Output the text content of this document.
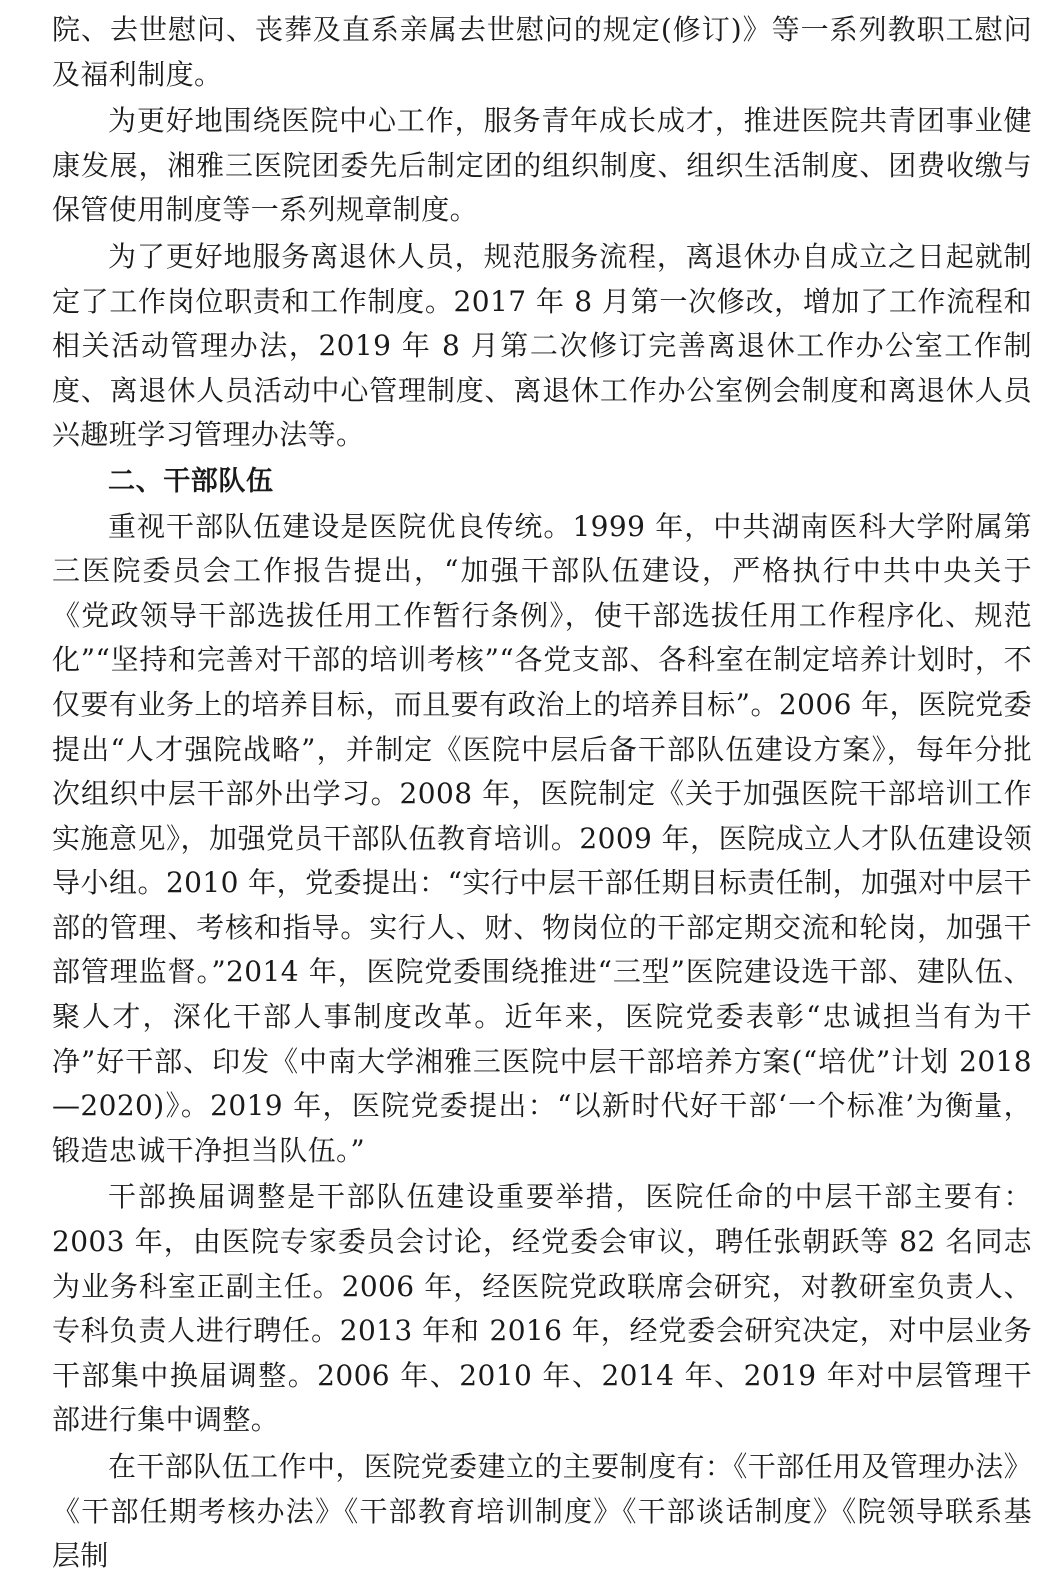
院、去世慰问、丧葬及直系亲属去世慰问的规定(修订)》等一系列教职工慰问及福利制度。

为更好地围绕医院中心工作，服务青年成长成才，推进医院共青团事业健康发展，湘雅三医院团委先后制定团的组织制度、组织生活制度、团费收缴与保管使用制度等一系列规章制度。

为了更好地服务离退休人员，规范服务流程，离退休办自成立之日起就制定了工作岗位职责和工作制度。2017 年 8 月第一次修改，增加了工作流程和相关活动管理办法，2019 年 8 月第二次修订完善离退休工作办公室工作制度、离退休人员活动中心管理制度、离退休工作办公室例会制度和离退休人员兴趣班学习管理办法等。

二、干部队伍

重视干部队伍建设是医院优良传统。1999 年，中共湖南医科大学附属第三医院委员会工作报告提出，“加强干部队伍建设，严格执行中共中央关于《党政领导干部选拔任用工作暂行条例》，使干部选拔任用工作程序化、规范化”“坚持和完善对干部的培训考核”“各党支部、各科室在制定培养计划时，不仅要有业务上的培养目标，而且要有政治上的培养目标”。2006 年，医院党委提出“人才强院战略”，并制定《医院中层后备干部队伍建设方案》，每年分批次组织中层干部外出学习。2008 年，医院制定《关于加强医院干部培训工作实施意见》，加强党员干部队伍教育培训。2009 年，医院成立人才队伍建设领导小组。2010 年，党委提出：“实行中层干部任期目标责任制，加强对中层干部的管理、考核和指导。实行人、财、物岗位的干部定期交流和轮岗，加强干部管理监督。”2014 年，医院党委围绕推进“三型”医院建设选干部、建队伍、聚人才，深化干部人事制度改革。近年来，医院党委表彰“忠诚担当有为干净”好干部、印发《中南大学湘雅三医院中层干部培养方案(“培优”计划 2018—2020)》。2019 年，医院党委提出：“以新时代好干部‘一个标准’为衡量，锻造忠诚干净担当队伍。”

干部换届调整是干部队伍建设重要举措，医院任命的中层干部主要有：2003 年，由医院专家委员会讨论，经党委会审议，聘任张朝跃等 82 名同志为业务科室正副主任。2006 年，经医院党政联席会研究，对教研室负责人、专科负责人进行聘任。2013 年和 2016 年，经党委会研究决定，对中层业务干部集中换届调整。2006 年、2010 年、2014 年、2019 年对中层管理干部进行集中调整。

在干部队伍工作中，医院党委建立的主要制度有：《干部任用及管理办法》《干部任期考核办法》《干部教育培训制度》《干部谈话制度》《院领导联系基层制
